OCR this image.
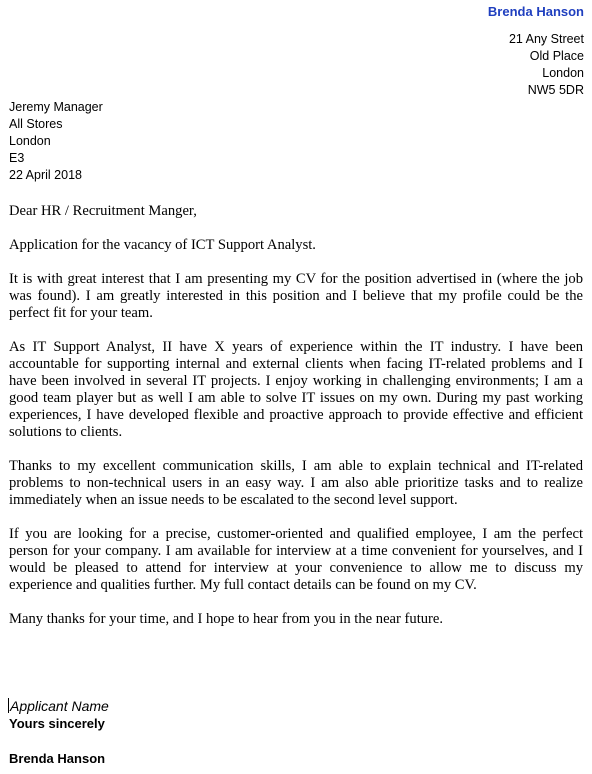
Brenda Hanson
21 Any Street
Old Place
London
NW5 5DR
Jeremy Manager
All Stores
London
E3
22 April 2018

Dear HR / Recruitment Manger,

Application for the vacancy of ICT Support Analyst.

It is with great interest that I am presenting my CV for the position advertised in (where the job was found). I am greatly interested in this position and I believe that my profile could be the perfect fit for your team.

As IT Support Analyst, II have X years of experience within the IT industry. I have been accountable for supporting internal and external clients when facing IT-related problems and I have been involved in several IT projects. I enjoy working in challenging environments; I am a good team player but as well I am able to solve IT issues on my own. During my past working experiences, I have developed flexible and proactive approach to provide effective and efficient solutions to clients.

Thanks to my excellent communication skills, I am able to explain technical and IT-related problems to non-technical users in an easy way. I am also able prioritize tasks and to realize immediately when an issue needs to be escalated to the second level support.

If you are looking for a precise, customer-oriented and qualified employee, I am the perfect person for your company. I am available for interview at a time convenient for yourselves, and I would be pleased to attend for interview at your convenience to allow me to discuss my experience and qualities further. My full contact details can be found on my CV.

Many thanks for your time, and I hope to hear from you in the near future.

Applicant Name
Yours sincerely
Brenda Hanson
